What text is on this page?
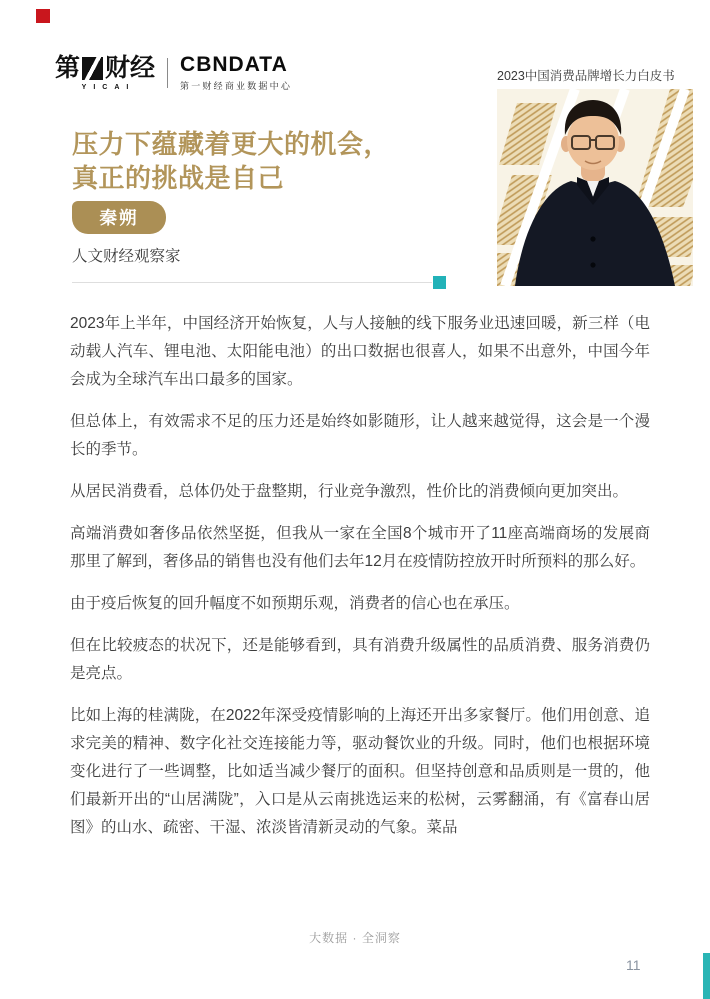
第 财经
YICAI
CBNDATA
第一财经商业数据中心
2023中国消费品牌增长力白皮书
压力下蕴藏着更大的机会，
真正的挑战是自己
秦朔
人文财经观察家

2023年上半年，中国经济开始恢复，人与人接触的线下服务业迅速回暖，新三样（电动载人汽车、锂电池、太阳能电池）的出口数据也很喜人，如果不出意外，中国今年会成为全球汽车出口最多的国家。

但总体上，有效需求不足的压力还是始终如影随形，让人越来越觉得，这会是一个漫长的季节。

从居民消费看，总体仍处于盘整期，行业竞争激烈，性价比的消费倾向更加突出。

高端消费如奢侈品依然坚挺，但我从一家在全国8个城市开了11座高端商场的发展商那里了解到，奢侈品的销售也没有他们去年12月在疫情防控放开时所预料的那么好。

由于疫后恢复的回升幅度不如预期乐观，消费者的信心也在承压。

但在比较疲态的状况下，还是能够看到，具有消费升级属性的品质消费、服务消费仍是亮点。

比如上海的桂满陇，在2022年深受疫情影响的上海还开出多家餐厅。他们用创意、追求完美的精神、数字化社交连接能力等，驱动餐饮业的升级。同时，他们也根据环境变化进行了一些调整，比如适当减少餐厅的面积。但坚持创意和品质则是一贯的，他们最新开出的“山居满陇”，入口是从云南挑选运来的松树，云雾翻涌，有《富春山居图》的山水、疏密、干湿、浓淡皆清新灵动的气象。菜品

大数据 · 全洞察
11
